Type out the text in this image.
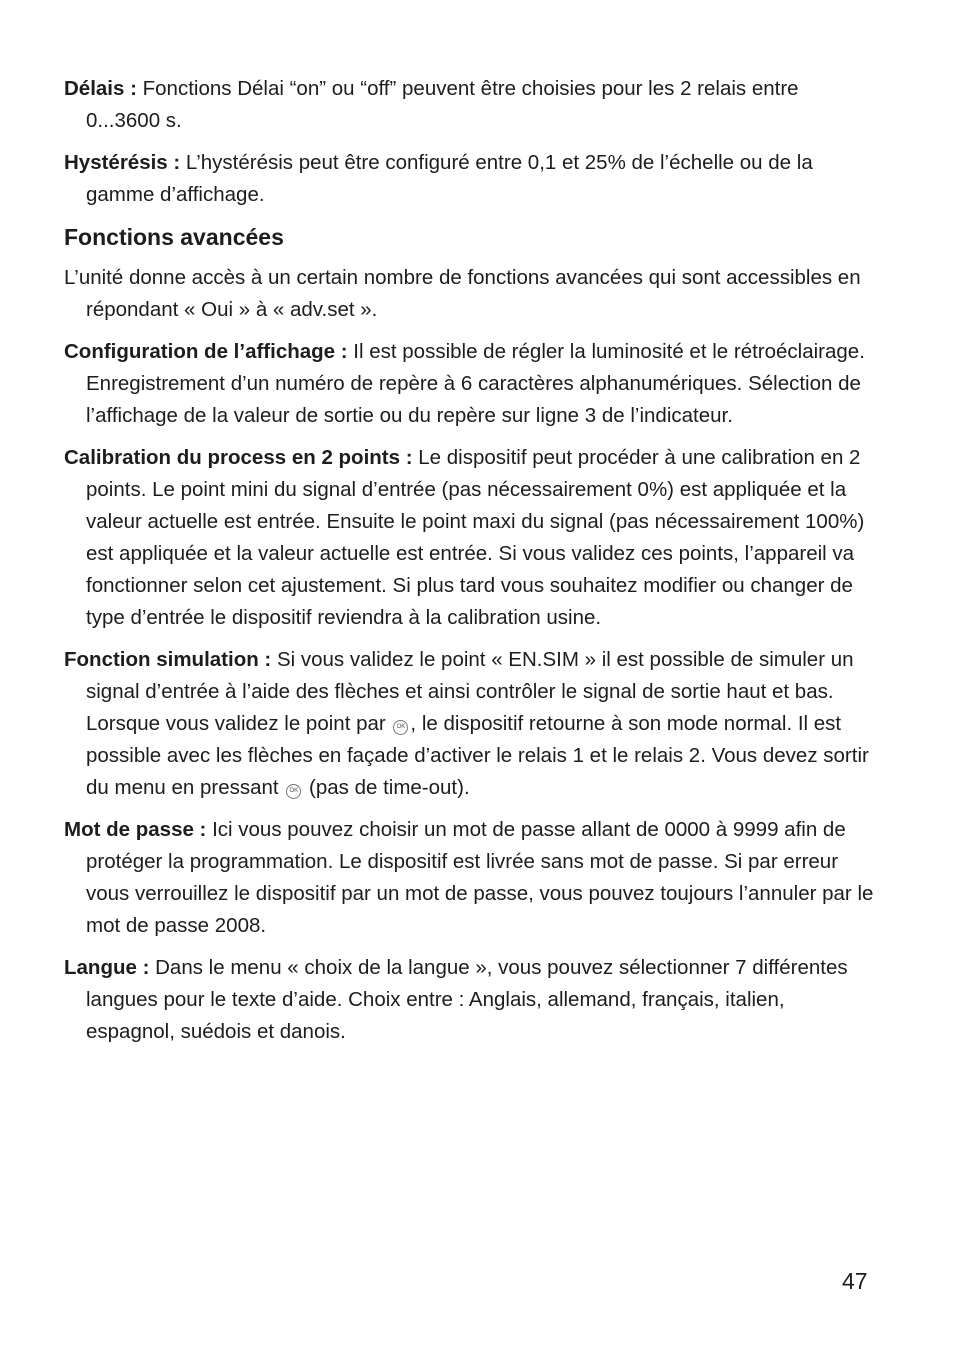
Délais : Fonctions Délai “on” ou “off” peuvent être choisies pour les 2 relais entre 0...3600 s.

Hystérésis : L’hystérésis peut être configuré entre 0,1 et 25% de l’échelle ou de la gamme d’affichage.

Fonctions avancées

L’unité donne accès à un certain nombre de fonctions avancées qui sont accessibles en répondant « Oui » à « adv.set ».

Configuration de l’affichage : Il est possible de régler la luminosité et le rétroéclairage. Enregistrement d’un numéro de repère à 6 caractères alphanumériques. Sélection de l’affichage de la valeur de sortie ou du repère sur ligne 3 de l’indicateur.

Calibration du process en 2 points : Le dispositif peut procéder à une calibration en 2 points. Le point mini du signal d’entrée (pas nécessairement 0%) est appliquée et la valeur actuelle est entrée. Ensuite le point maxi du signal (pas nécessairement 100%) est appliquée et la valeur actuelle est entrée. Si vous validez ces points, l’appareil va fonctionner selon cet ajustement. Si plus tard vous souhaitez modifier ou changer de type d’entrée le dispositif reviendra à la calibration usine.

Fonction simulation : Si vous validez le point « EN.SIM » il est possible de simuler un signal d’entrée à l’aide des flèches et ainsi contrôler le signal de sortie haut et bas. Lorsque vous validez le point par OK , le dispositif retourne à son mode normal. Il est possible avec les flèches en façade d’activer le relais 1 et le relais 2. Vous devez sortir du menu en pressant OK (pas de time-out).

Mot de passe : Ici vous pouvez choisir un mot de passe allant de 0000 à 9999 afin de protéger la programmation. Le dispositif est livrée sans mot de passe. Si par erreur vous verrouillez le dispositif par un mot de passe, vous pouvez toujours l’annuler par le mot de passe 2008.

Langue : Dans le menu « choix de la langue », vous pouvez sélectionner 7 différentes langues pour le texte d’aide. Choix entre : Anglais, allemand, français, italien, espagnol, suédois et danois.

47
